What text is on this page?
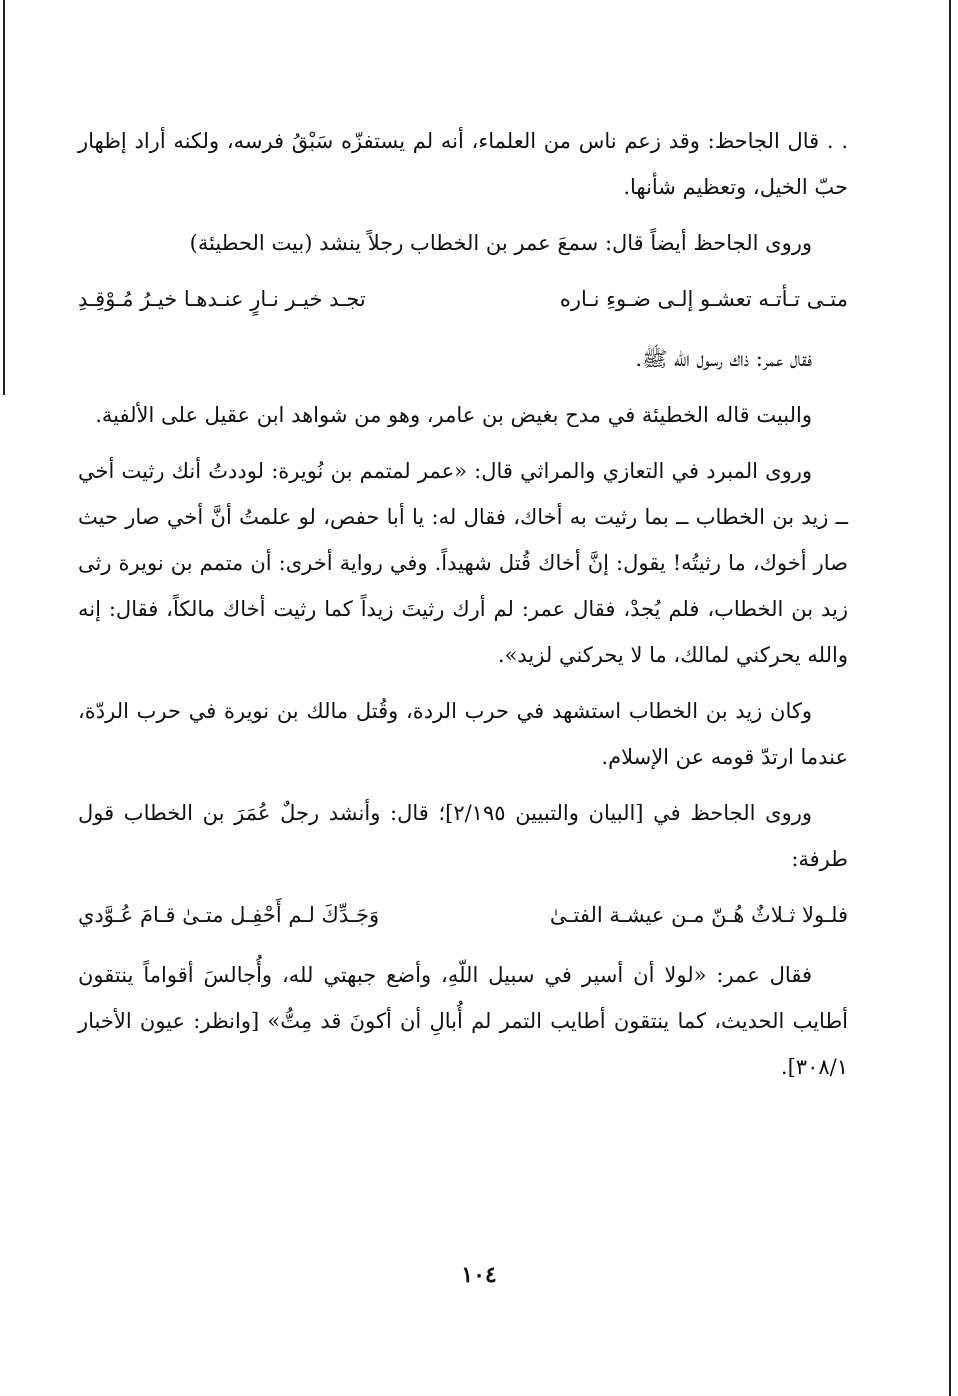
. . قال الجاحظ: وقد زعم ناس من العلماء، أنه لم يستفزّه سَبْقُ فرسه، ولكنه أراد إظهار حبّ الخيل، وتعظيم شأنها.

وروى الجاحظ أيضاً قال: سمعَ عمر بن الخطاب رجلاً ينشد (بيت الحطيئة)

متـى تـأتـه تعشـو إلـى ضـوءِ نـاره
تجـد خيـر نـارٍ عنـدهـا خيـرُ مُـوْقِـدِ

فقال عمر: ذاك رسول الله ﷺ.

والبيت قاله الخطيئة في مدح بغيض بن عامر، وهو من شواهد ابن عقيل على الألفية.

وروى المبرد في التعازي والمراثي قال: «عمر لمتمم بن نُويرة: لوددتُ أنك رثيت أخي ــ زيد بن الخطاب ــ بما رثيت به أخاك، فقال له: يا أبا حفص، لو علمتُ أنَّ أخي صار حيث صار أخوك، ما رثيتُه! يقول: إنَّ أخاك قُتل شهيداً. وفي رواية أخرى: أن متمم بن نويرة رثى زيد بن الخطاب، فلم يُجدْ، فقال عمر: لم أرك رثيتَ زيداً كما رثيت أخاك مالكاً، فقال: إنه والله يحركني لمالك، ما لا يحركني لزيد».

وكان زيد بن الخطاب استشهد في حرب الردة، وقُتل مالك بن نويرة في حرب الردّة، عندما ارتدّ قومه عن الإسلام.

وروى الجاحظ في [البيان والتبيين ٢/١٩٥]؛ قال: وأنشد رجلٌ عُمَرَ بن الخطاب قول طرفة:

فلـولا ثـلاثٌ هُـنّ مـن عيشـة الفتـىٰ
وَجَـدِّكَ لـم أَحْفِـل متـىٰ قـامَ عُـوَّدي

فقال عمر: «لولا أن أسير في سبيل اللّهِ، وأضع جبهتي لله، وأُجالسَ أقواماً ينتقون أطايب الحديث، كما ينتقون أطايب التمر لم أُبالِ أن أكونَ قد مِتُّ» [وانظر: عيون الأخبار ٣٠٨/١].

١٠٤
